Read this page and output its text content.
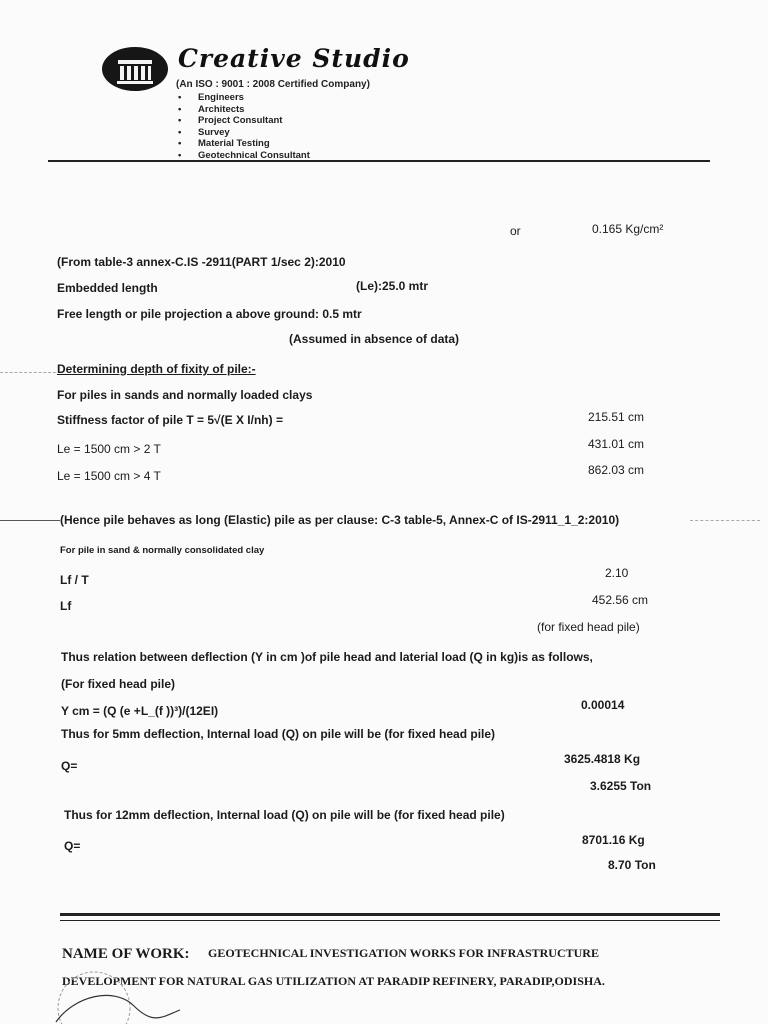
Creative Studio
(An ISO : 9001 : 2008 Certified Company)
• Engineers
• Architects
• Project Consultant
• Survey
• Material Testing
• Geotechnical Consultant
or	0.165 Kg/cm²
(From table-3 annex-C.IS -2911(PART 1/sec 2):2010
Embedded length	(Le):25.0 mtr
Free length or pile projection a above ground: 0.5 mtr
(Assumed in absence of data)
Determining depth of fixity of pile:-
For piles in sands and normally loaded clays
Stiffness factor of pile T = 5√(E X I/nh) =	215.51 cm
Le = 1500 cm > 2 T	431.01 cm
Le = 1500 cm > 4 T	862.03 cm
(Hence pile behaves as long (Elastic) pile as per clause: C-3 table-5, Annex-C of IS-2911_1_2:2010)
For pile in sand & normally consolidated clay
Lf / T	2.10
Lf	452.56 cm
(for fixed head pile)
Thus relation between deflection (Y in cm )of pile head and laterial load (Q in kg)is as follows,
(For fixed head pile)
Y cm = (Q (e +L_(f ))³)/(12EI)	0.00014
Thus for 5mm deflection, Internal load (Q) on pile will be (for fixed head pile)
Q=	3625.4818 Kg
3.6255 Ton
Thus for 12mm deflection, Internal load (Q) on pile will be (for fixed head pile)
Q=	8701.16 Kg
8.70 Ton
NAME OF WORK: GEOTECHNICAL INVESTIGATION WORKS FOR INFRASTRUCTURE
DEVELOPMENT FOR NATURAL GAS UTILIZATION AT PARADIP REFINERY, PARADIP,ODISHA.
